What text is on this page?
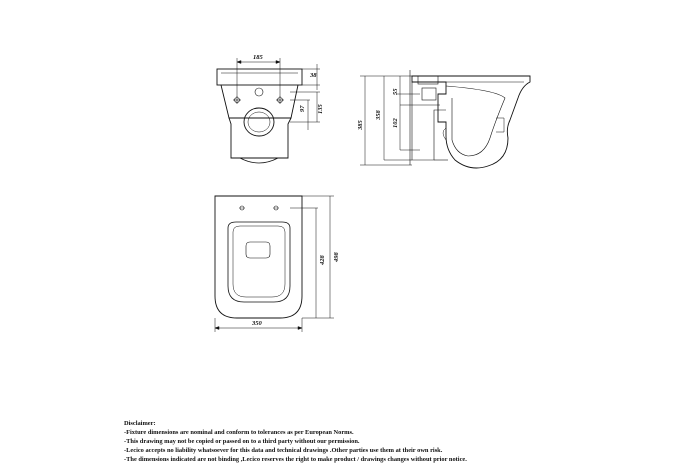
185
38
135
97
385
358
55
102
350
498
428
Disclaimer:
-Fixture dimensions are nominal and conform to tolerances as per European Norms.
-This drawing may not be copied or passed on to a third party without our permission.
-Lecico accepts no liability whatsoever for this data and technical drawings .Other parties use them at their own risk.
-The dimensions indicated are not binding ,Lecico reserves the right to make product / drawings changes without prior notice.
